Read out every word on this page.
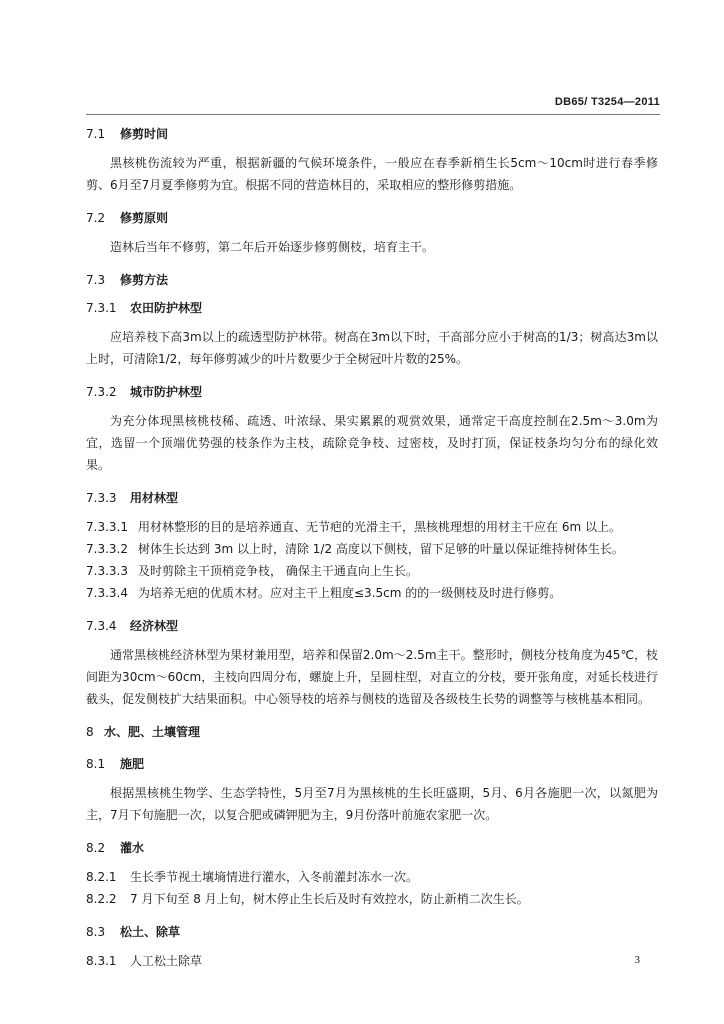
DB65/ T3254—2011
7.1 修剪时间

黑核桃伤流较为严重，根据新疆的气候环境条件，一般应在春季新梢生长5cm～10cm时进行春季修剪、6月至7月夏季修剪为宜。根据不同的营造林目的，采取相应的整形修剪措施。

7.2 修剪原则

造林后当年不修剪，第二年后开始逐步修剪侧枝，培育主干。

7.3 修剪方法
7.3.1 农田防护林型

应培养枝下高3m以上的疏透型防护林带。树高在3m以下时，干高部分应小于树高的1/3；树高达3m以上时，可清除1/2，每年修剪减少的叶片数要少于全树冠叶片数的25%。

7.3.2 城市防护林型

为充分体现黑核桃枝稀、疏透、叶浓绿、果实累累的观赏效果，通常定干高度控制在2.5m～3.0m为宜，选留一个顶端优势强的枝条作为主枝，疏除竞争枝、过密枝，及时打顶，保证枝条均匀分布的绿化效果。

7.3.3 用材林型
7.3.3.1 用材林整形的目的是培养通直、无节疤的光滑主干，黑核桃理想的用材主干应在 6m 以上。
7.3.3.2 树体生长达到 3m 以上时，清除 1/2 高度以下侧枝，留下足够的叶量以保证维持树体生长。
7.3.3.3 及时剪除主干顶梢竞争枝， 确保主干通直向上生长。
7.3.3.4 为培养无疤的优质木材。应对主干上粗度≤3.5cm 的的一级侧枝及时进行修剪。
7.3.4 经济林型

通常黑核桃经济林型为果材兼用型，培养和保留2.0m～2.5m主干。整形时，侧枝分枝角度为45℃，枝间距为30cm～60cm，主枝向四周分布，螺旋上升，呈圆柱型，对直立的分枝，要开张角度，对延长枝进行截头，促发侧枝扩大结果面积。中心领导枝的培养与侧枝的选留及各级枝生长势的调整等与核桃基本相同。

8 水、肥、土壤管理
8.1 施肥

根据黑核桃生物学、生态学特性，5月至7月为黑核桃的生长旺盛期，5月、6月各施肥一次，以氮肥为主，7月下旬施肥一次，以复合肥或磷钾肥为主，9月份落叶前施农家肥一次。

8.2 灌水
8.2.1 生长季节视土壤墒情进行灌水，入冬前灌封冻水一次。
8.2.2 7 月下旬至 8 月上旬，树木停止生长后及时有效控水，防止新梢二次生长。
8.3 松土、除草
8.3.1 人工松土除草	3
